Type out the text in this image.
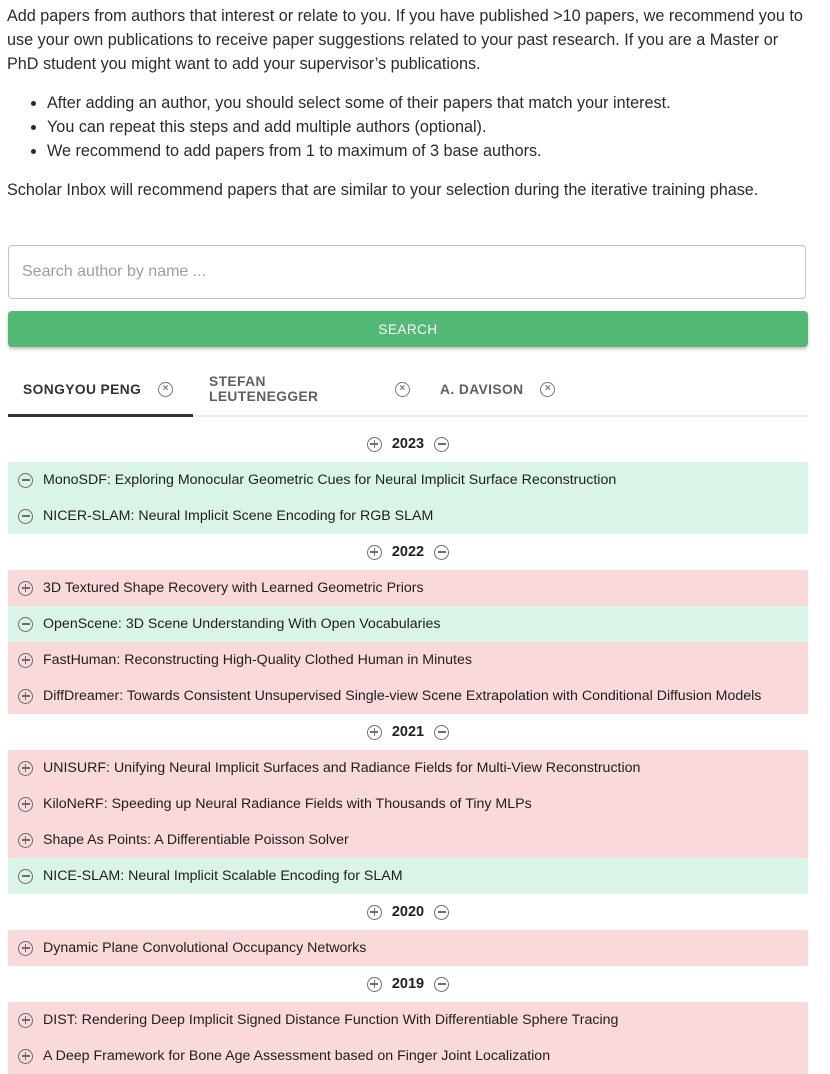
Add papers from authors that interest or relate to you. If you have published >10 papers, we recommend you to use your own publications to receive paper suggestions related to your past research. If you are a Master or PhD student you might want to add your supervisor’s publications.

• After adding an author, you should select some of their papers that match your interest.
• You can repeat this steps and add multiple authors (optional).
• We recommend to add papers from 1 to maximum of 3 base authors.

Scholar Inbox will recommend papers that are similar to your selection during the iterative training phase.

Search author by name ...
SEARCH
SONGYOU PENG	×	STEFAN LEUTENEGGER
×	A. DAVISON	×
2023
MonoSDF: Exploring Monocular Geometric Cues for Neural Implicit Surface Reconstruction
NICER-SLAM: Neural Implicit Scene Encoding for RGB SLAM
2022
3D Textured Shape Recovery with Learned Geometric Priors
OpenScene: 3D Scene Understanding With Open Vocabularies
FastHuman: Reconstructing High-Quality Clothed Human in Minutes
DiffDreamer: Towards Consistent Unsupervised Single-view Scene Extrapolation with Conditional Diffusion Models
2021
UNISURF: Unifying Neural Implicit Surfaces and Radiance Fields for Multi-View Reconstruction
KiloNeRF: Speeding up Neural Radiance Fields with Thousands of Tiny MLPs
Shape As Points: A Differentiable Poisson Solver
NICE-SLAM: Neural Implicit Scalable Encoding for SLAM
2020
Dynamic Plane Convolutional Occupancy Networks
2019
DIST: Rendering Deep Implicit Signed Distance Function With Differentiable Sphere Tracing
A Deep Framework for Bone Age Assessment based on Finger Joint Localization
